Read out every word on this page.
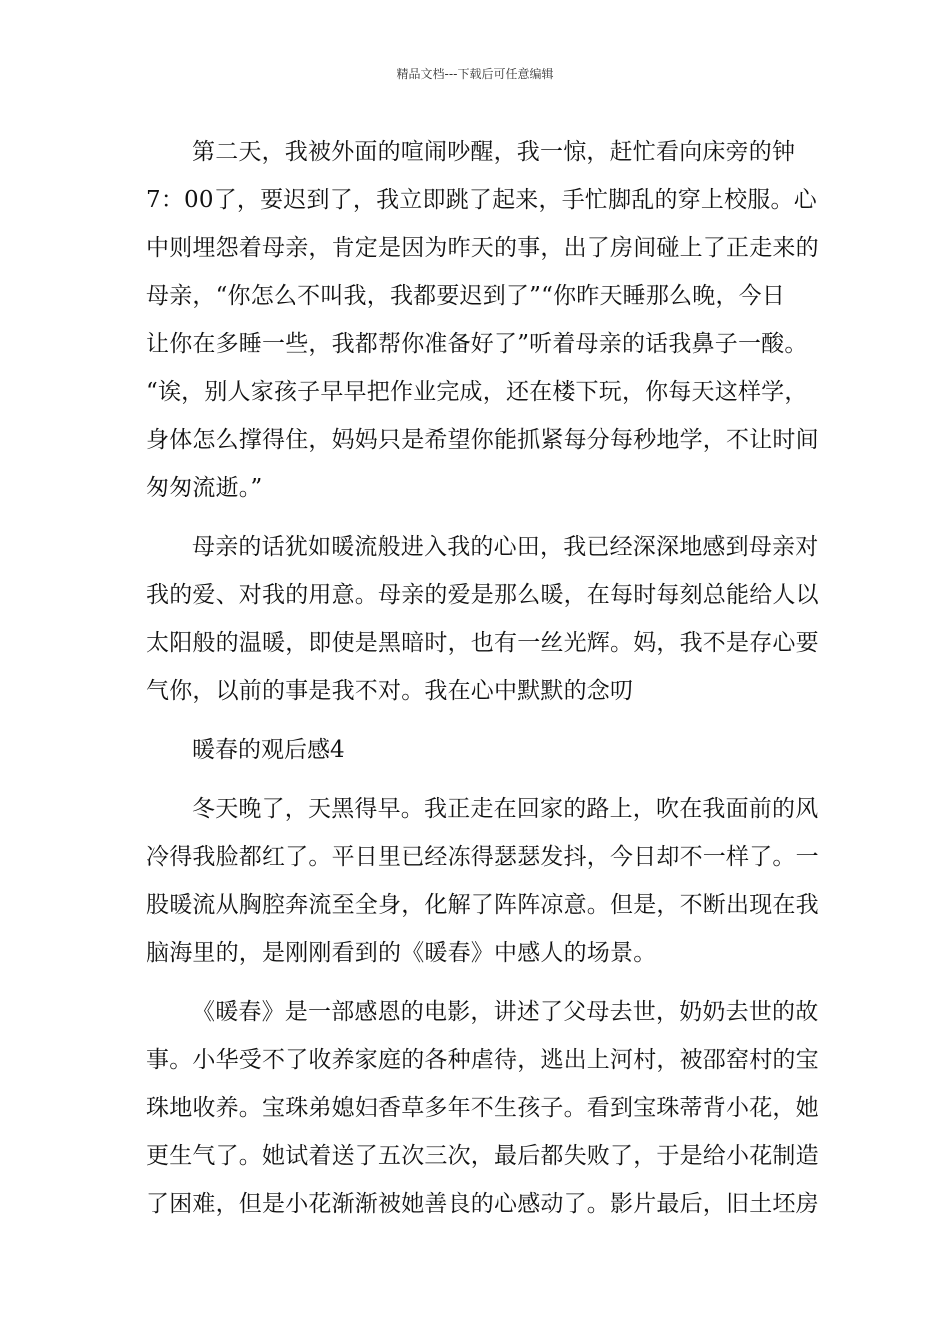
精品文档---下载后可任意编辑
第二天，我被外面的喧闹吵醒，我一惊，赶忙看向床旁的钟
7：00了，要迟到了，我立即跳了起来，手忙脚乱的穿上校服。心
中则埋怨着母亲，肯定是因为昨天的事，出了房间碰上了正走来的
母亲，“你怎么不叫我，我都要迟到了”“你昨天睡那么晚，今日
让你在多睡一些，我都帮你准备好了”听着母亲的话我鼻子一酸。
“诶，别人家孩子早早把作业完成，还在楼下玩，你每天这样学，
身体怎么撑得住，妈妈只是希望你能抓紧每分每秒地学，不让时间
匆匆流逝。”
母亲的话犹如暖流般进入我的心田，我已经深深地感到母亲对
我的爱、对我的用意。母亲的爱是那么暖，在每时每刻总能给人以
太阳般的温暖，即使是黑暗时，也有一丝光辉。妈，我不是存心要
气你，以前的事是我不对。我在心中默默的念叨
暖春的观后感4
冬天晚了，天黑得早。我正走在回家的路上，吹在我面前的风
冷得我脸都红了。平日里已经冻得瑟瑟发抖，今日却不一样了。一
股暖流从胸腔奔流至全身，化解了阵阵凉意。但是，不断出现在我
脑海里的，是刚刚看到的《暖春》中感人的场景。
《暖春》是一部感恩的电影，讲述了父母去世，奶奶去世的故
事。小华受不了收养家庭的各种虐待，逃出上河村，被邵窑村的宝
珠地收养。宝珠弟媳妇香草多年不生孩子。看到宝珠蒂背小花，她
更生气了。她试着送了五次三次，最后都失败了，于是给小花制造
了困难，但是小花渐渐被她善良的心感动了。影片最后，旧土坯房
